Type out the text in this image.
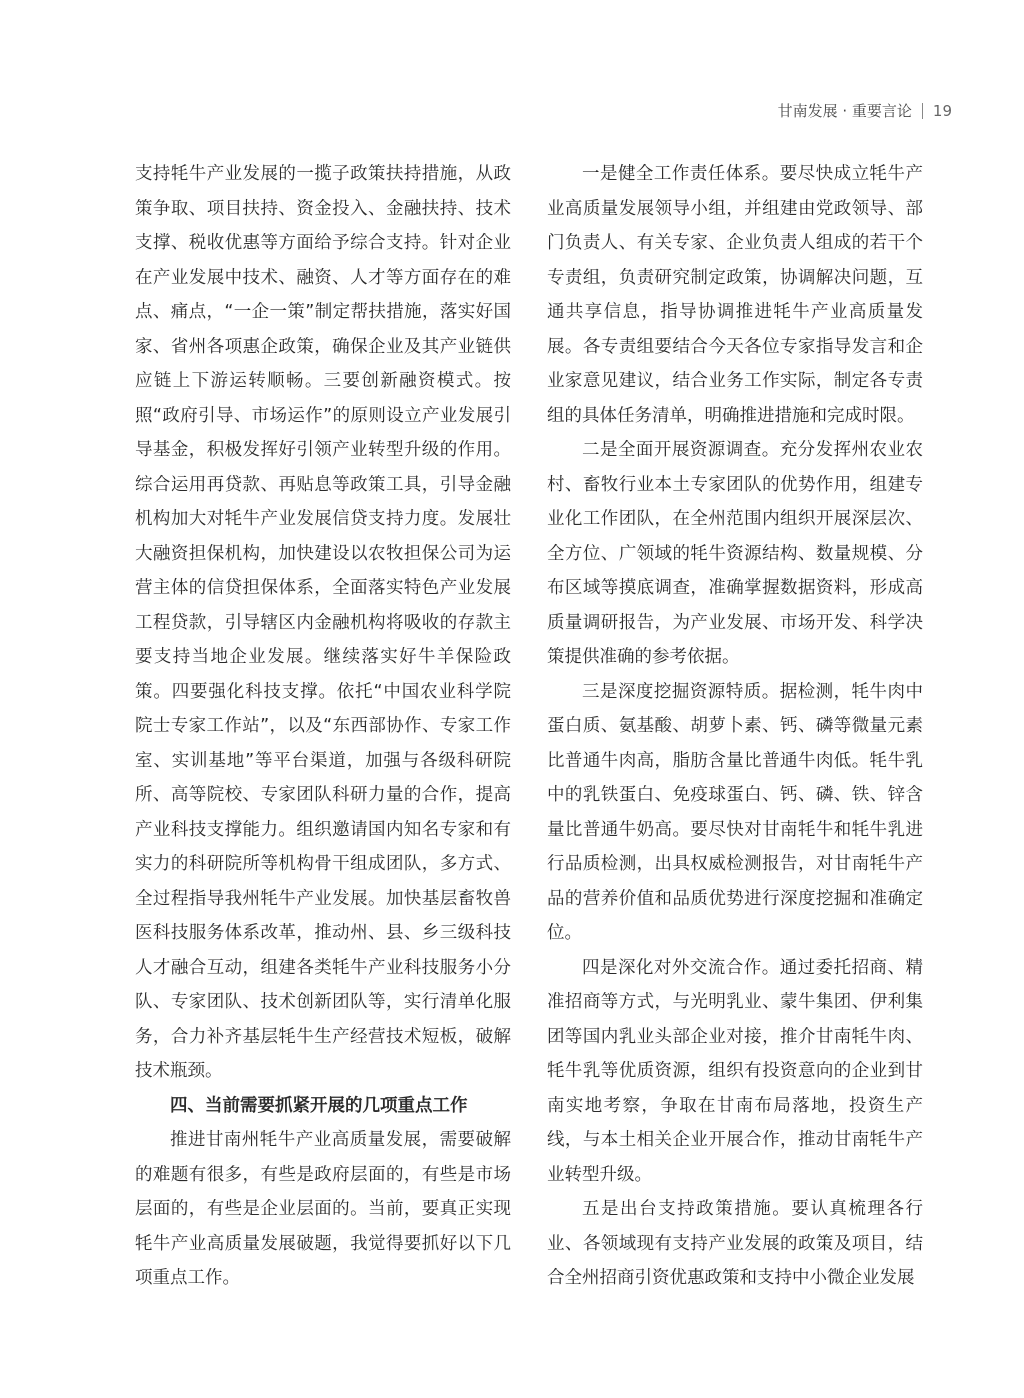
甘南发展 · 重要言论 19

支持牦牛产业发展的一揽子政策扶持措施，从政策争取、项目扶持、资金投入、金融扶持、技术支撑、税收优惠等方面给予综合支持。针对企业在产业发展中技术、融资、人才等方面存在的难点、痛点，“一企一策”制定帮扶措施，落实好国家、省州各项惠企政策，确保企业及其产业链供应链上下游运转顺畅。三要创新融资模式。按照“政府引导、市场运作”的原则设立产业发展引导基金，积极发挥好引领产业转型升级的作用。综合运用再贷款、再贴息等政策工具，引导金融机构加大对牦牛产业发展信贷支持力度。发展壮大融资担保机构，加快建设以农牧担保公司为运营主体的信贷担保体系，全面落实特色产业发展工程贷款，引导辖区内金融机构将吸收的存款主要支持当地企业发展。继续落实好牛羊保险政策。四要强化科技支撑。依托“中国农业科学院院士专家工作站”，以及“东西部协作、专家工作室、实训基地”等平台渠道，加强与各级科研院所、高等院校、专家团队科研力量的合作，提高产业科技支撑能力。组织邀请国内知名专家和有实力的科研院所等机构骨干组成团队，多方式、全过程指导我州牦牛产业发展。加快基层畜牧兽医科技服务体系改革，推动州、县、乡三级科技人才融合互动，组建各类牦牛产业科技服务小分队、专家团队、技术创新团队等，实行清单化服务，合力补齐基层牦牛生产经营技术短板，破解技术瓶颈。

四、当前需要抓紧开展的几项重点工作

推进甘南州牦牛产业高质量发展，需要破解的难题有很多，有些是政府层面的，有些是市场层面的，有些是企业层面的。当前，要真正实现牦牛产业高质量发展破题，我觉得要抓好以下几项重点工作。

一是健全工作责任体系。要尽快成立牦牛产业高质量发展领导小组，并组建由党政领导、部门负责人、有关专家、企业负责人组成的若干个专责组，负责研究制定政策，协调解决问题，互通共享信息，指导协调推进牦牛产业高质量发展。各专责组要结合今天各位专家指导发言和企业家意见建议，结合业务工作实际，制定各专责组的具体任务清单，明确推进措施和完成时限。

二是全面开展资源调查。充分发挥州农业农村、畜牧行业本土专家团队的优势作用，组建专业化工作团队，在全州范围内组织开展深层次、全方位、广领域的牦牛资源结构、数量规模、分布区域等摸底调查，准确掌握数据资料，形成高质量调研报告，为产业发展、市场开发、科学决策提供准确的参考依据。

三是深度挖掘资源特质。据检测，牦牛肉中蛋白质、氨基酸、胡萝卜素、钙、磷等微量元素比普通牛肉高，脂肪含量比普通牛肉低。牦牛乳中的乳铁蛋白、免疫球蛋白、钙、磷、铁、锌含量比普通牛奶高。要尽快对甘南牦牛和牦牛乳进行品质检测，出具权威检测报告，对甘南牦牛产品的营养价值和品质优势进行深度挖掘和准确定位。

四是深化对外交流合作。通过委托招商、精准招商等方式，与光明乳业、蒙牛集团、伊利集团等国内乳业头部企业对接，推介甘南牦牛肉、牦牛乳等优质资源，组织有投资意向的企业到甘南实地考察，争取在甘南布局落地，投资生产线，与本土相关企业开展合作，推动甘南牦牛产业转型升级。

五是出台支持政策措施。要认真梳理各行业、各领域现有支持产业发展的政策及项目，结合全州招商引资优惠政策和支持中小微企业发展
